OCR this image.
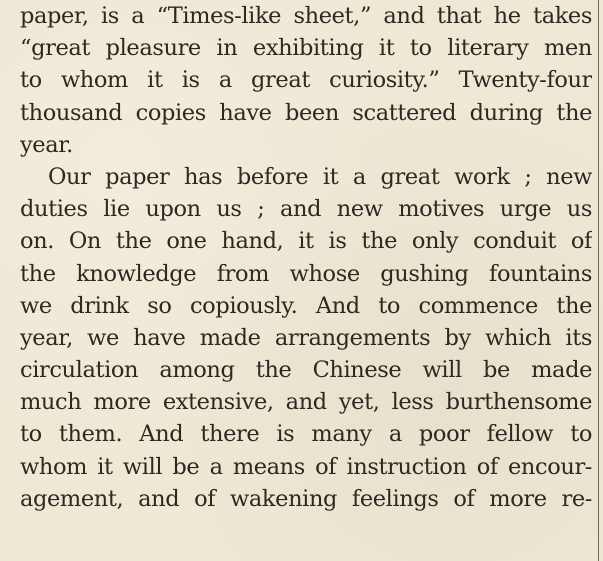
paper, is a “Times-like sheet,” and that he takes
“great pleasure in exhibiting it to literary men
to whom it is a great curiosity.” Twenty-four
thousand copies have been scattered during the
year.
Our paper has before it a great work ; new
duties lie upon us ; and new motives urge us
on. On the one hand, it is the only conduit of
the knowledge from whose gushing fountains
we drink so copiously. And to commence the
year, we have made arrangements by which its
circulation among the Chinese will be made
much more extensive, and yet, less burthensome
to them. And there is many a poor fellow to
whom it will be a means of instruction of encour-
agement, and of wakening feelings of more re-
